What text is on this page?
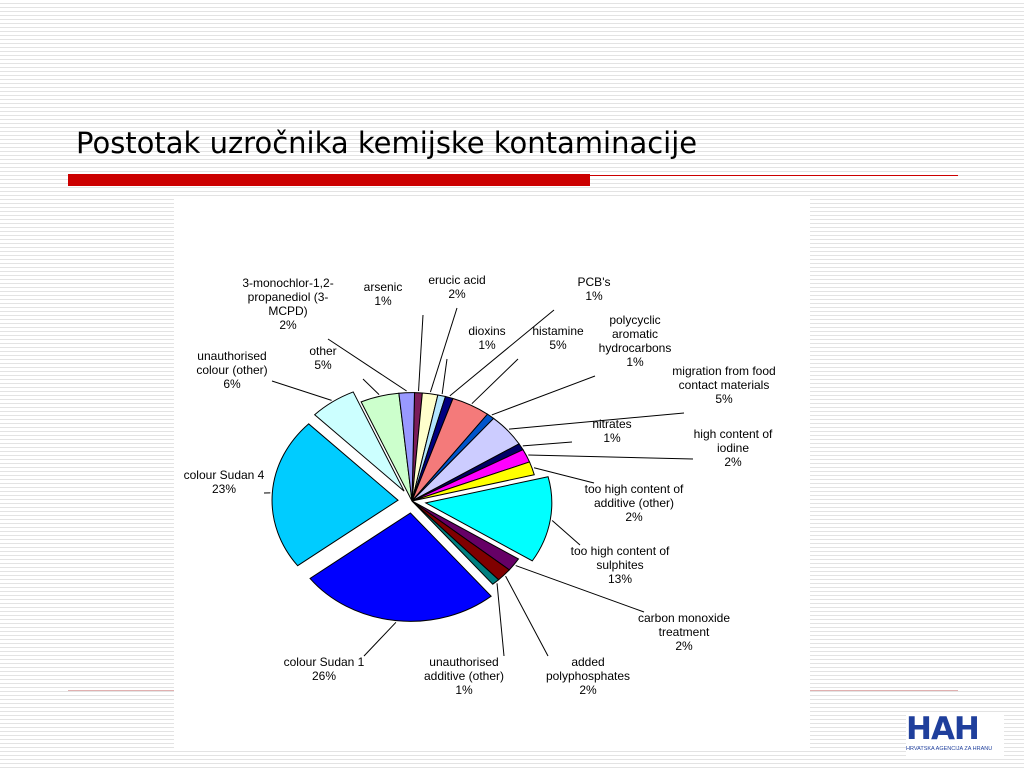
Postotak uzročnika kemijske kontaminacije
arsenic 1%
erucic acid 2%
dioxins 1%
PCB's 1%
histamine 5%
polycyclic aromatic hydrocarbons 1%
migration from food contact materials 5%
nitrates 1%	high content of iodine 2%
too high content of additive (other) 2%
too high content of sulphites 13%
carbon monoxide treatment 2%
added polyphosphates 2%
unauthorised additive (other) 1%
colour Sudan 1 26%
colour Sudan 4 23%
unauthorised colour (other) 6%
other 5%
3-monochlor-1,2-propanediol (3-MCPD) 2%
HAH
HRVATSKA AGENCIJA ZA HRANU
